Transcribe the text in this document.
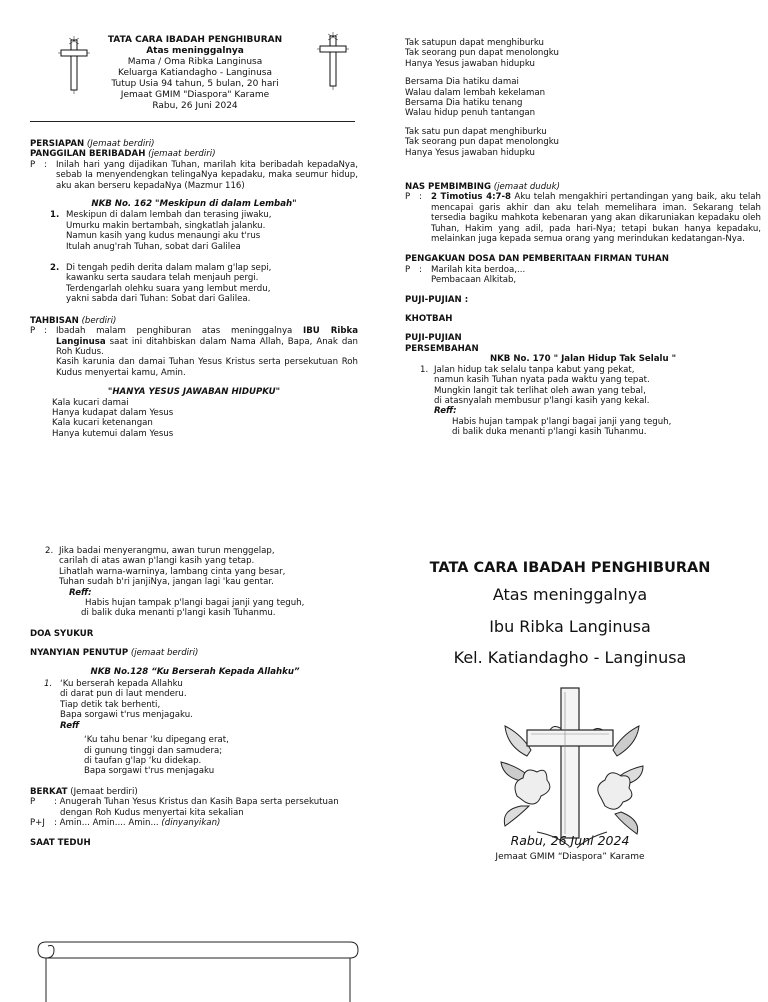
TATA CARA IBADAH PENGHIBURAN
Atas meninggalnya
Mama / Oma Ribka Langinusa
Keluarga Katiandagho - Langinusa
Tutup Usia 94 tahun, 5 bulan, 20 hari
Jemaat GMIM "Diaspora" Karame
Rabu, 26 Juni 2024
PERSIAPAN (Jemaat berdiri)
PANGGILAN BERIBADAH (jemaat berdiri)
P	:	Inilah hari yang dijadikan Tuhan, marilah kita beribadah kepadaNya, sebab Ia menyendengkan telingaNya kepadaku, maka seumur hidup, aku akan berseru kepadaNya (Mazmur 116)
NKB No. 162 "Meskipun di dalam Lembah"
1. Meskipun di dalam lembah dan terasing jiwaku,
Umurku makin bertambah, singkatlah jalanku.
Namun kasih yang kudus menaungi aku t'rus
Itulah anug'rah Tuhan, sobat dari Galilea
2. Di tengah pedih derita dalam malam g'lap sepi,
kawanku serta saudara telah menjauh pergi.
Terdengarlah olehku suara yang lembut merdu,
yakni sabda dari Tuhan: Sobat dari Galilea.
TAHBISAN (berdiri)
P	:	Ibadah malam penghiburan atas meninggalnya IBU Ribka Langinusa saat ini ditahbiskan dalam Nama Allah, Bapa, Anak dan Roh Kudus.
Kasih karunia dan damai Tuhan Yesus Kristus serta persekutuan Roh Kudus menyertai kamu, Amin.
"HANYA YESUS JAWABAN HIDUPKU"
Kala kucari damai
Hanya kudapat dalam Yesus
Kala kucari ketenangan
Hanya kutemui dalam Yesus
Tak satupun dapat menghiburku
Tak seorang pun dapat menolongku
Hanya Yesus jawaban hidupku
Bersama Dia hatiku damai
Walau dalam lembah kekelaman
Bersama Dia hatiku tenang
Walau hidup penuh tantangan
Tak satu pun dapat menghiburku
Tak seorang pun dapat menolongku
Hanya Yesus jawaban hidupku
NAS PEMBIMBING (jemaat duduk)
P	:	2 Timotius 4:7-8 Aku telah mengakhiri pertandingan yang baik, aku telah mencapai garis akhir dan aku telah memelihara iman. Sekarang telah tersedia bagiku mahkota kebenaran yang akan dikaruniakan kepadaku oleh Tuhan, Hakim yang adil, pada hari-Nya; tetapi bukan hanya kepadaku, melainkan juga kepada semua orang yang merindukan kedatangan-Nya.
PENGAKUAN DOSA DAN PEMBERITAAN FIRMAN TUHAN
P	:	Marilah kita berdoa,...
Pembacaan Alkitab,
PUJI-PUJIAN :
KHOTBAH
PUJI-PUJIAN
PERSEMBAHAN
NKB No. 170 " Jalan Hidup Tak Selalu "
1. Jalan hidup tak selalu tanpa kabut yang pekat,
namun kasih Tuhan nyata pada waktu yang tepat.
Mungkin langit tak terlihat oleh awan yang tebal,
di atasnyalah membusur p'langi kasih yang kekal.
Reff:
Habis hujan tampak p'langi bagai janji yang teguh,
di balik duka menanti p'langi kasih Tuhanmu.
2. Jika badai menyerangmu, awan turun menggelap,
carilah di atas awan p'langi kasih yang tetap.
Lihatlah warna-warninya, lambang cinta yang besar,
Tuhan sudah b'ri janjiNya, jangan lagi 'kau gentar.
Reff:
Habis hujan tampak p'langi bagai janji yang teguh,
di balik duka menanti p'langi kasih Tuhanmu.
DOA SYUKUR
NYANYIAN PENUTUP (jemaat berdiri)
NKB No.128 “Ku Berserah Kepada Allahku”
1. ‘Ku berserah kepada Allahku
di darat pun di laut menderu.
Tiap detik tak berhenti,
Bapa sorgawi t'rus menjagaku.
Reff
‘Ku tahu benar ‘ku dipegang erat,
di gunung tinggi dan samudera;
di taufan g'lap ‘ku didekap.
Bapa sorgawi t'rus menjagaku
BERKAT (Jemaat berdiri)
P	: Anugerah Tuhan Yesus Kristus dan Kasih Bapa serta persekutuan
dengan Roh Kudus menyertai kita sekalian
P+J	: Amin... Amin.... Amin... (dinyanyikan)
SAAT TEDUH
TATA CARA IBADAH PENGHIBURAN
Atas meninggalnya
Ibu Ribka Langinusa
Kel. Katiandagho - Langinusa
Rabu, 26 Juni 2024
Jemaat GMIM “Diaspora” Karame
